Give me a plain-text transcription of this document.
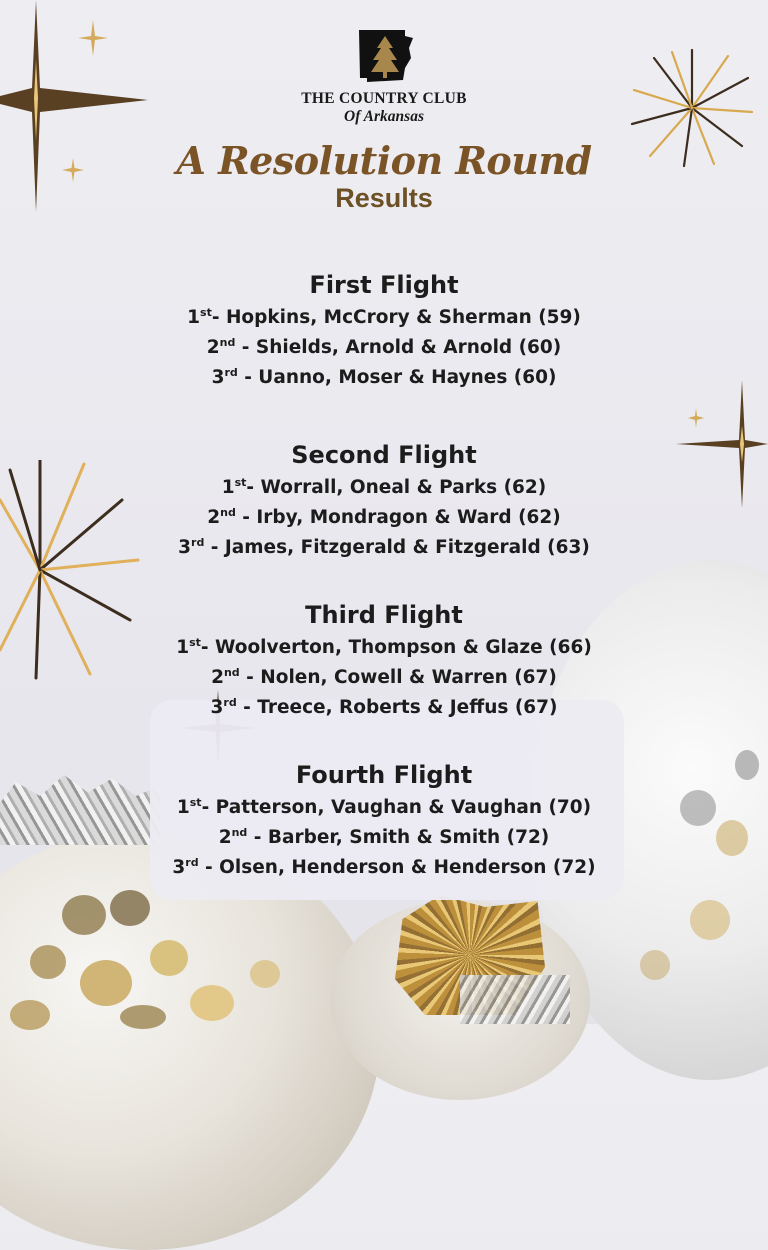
THE COUNTRY CLUB
Of Arkansas
A Resolution Round
Results
First Flight
1st- Hopkins, McCrory & Sherman (59)
2nd - Shields, Arnold & Arnold (60)
3rd - Uanno, Moser & Haynes (60)
Second Flight
1st- Worrall, Oneal & Parks (62)
2nd - Irby, Mondragon & Ward (62)
3rd - James, Fitzgerald & Fitzgerald (63)
Third Flight
1st- Woolverton, Thompson & Glaze (66)
2nd - Nolen, Cowell & Warren (67)
3rd - Treece, Roberts & Jeffus (67)
Fourth Flight
1st- Patterson, Vaughan & Vaughan (70)
2nd - Barber, Smith & Smith (72)
3rd - Olsen, Henderson & Henderson (72)
